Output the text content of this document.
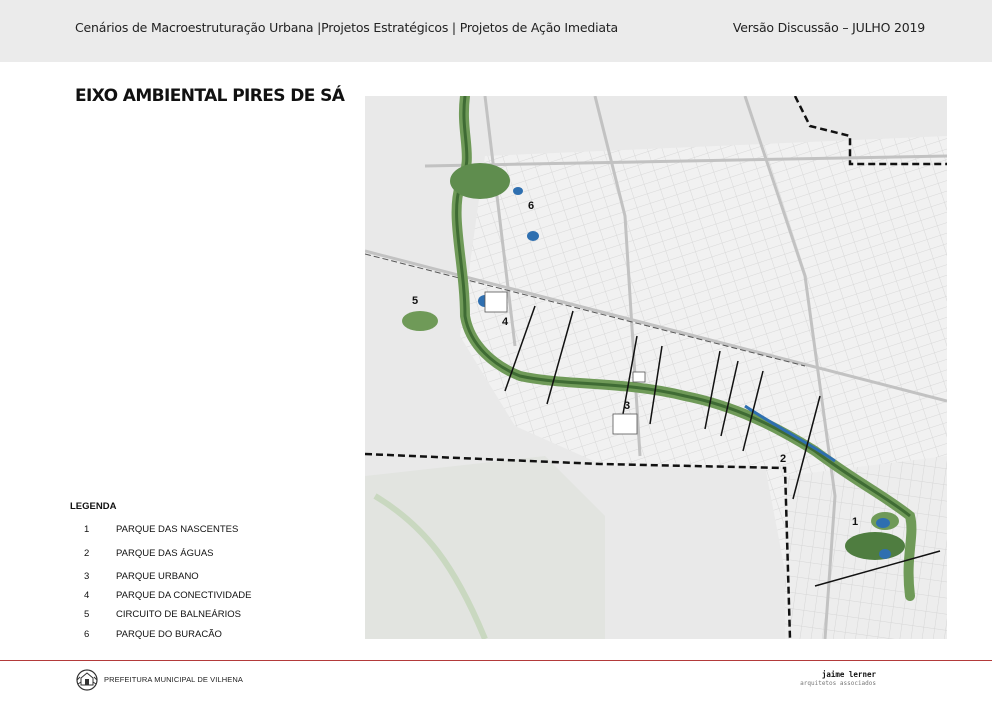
Cenários de Macroestruturação Urbana |Projetos Estratégicos | Projetos de Ação Imediata	Versão Discussão – JULHO 2019
EIXO AMBIENTAL PIRES DE SÁ
1
2
3
4
5
6
LEGENDA
1	PARQUE DAS NASCENTES
2	PARQUE DAS ÁGUAS
3	PARQUE URBANO
4	PARQUE DA CONECTIVIDADE
5	CIRCUITO DE BALNEÁRIOS
6	PARQUE DO BURACÃO
PREFEITURA MUNICIPAL DE VILHENA
jaime lerner
arquitetos associados
